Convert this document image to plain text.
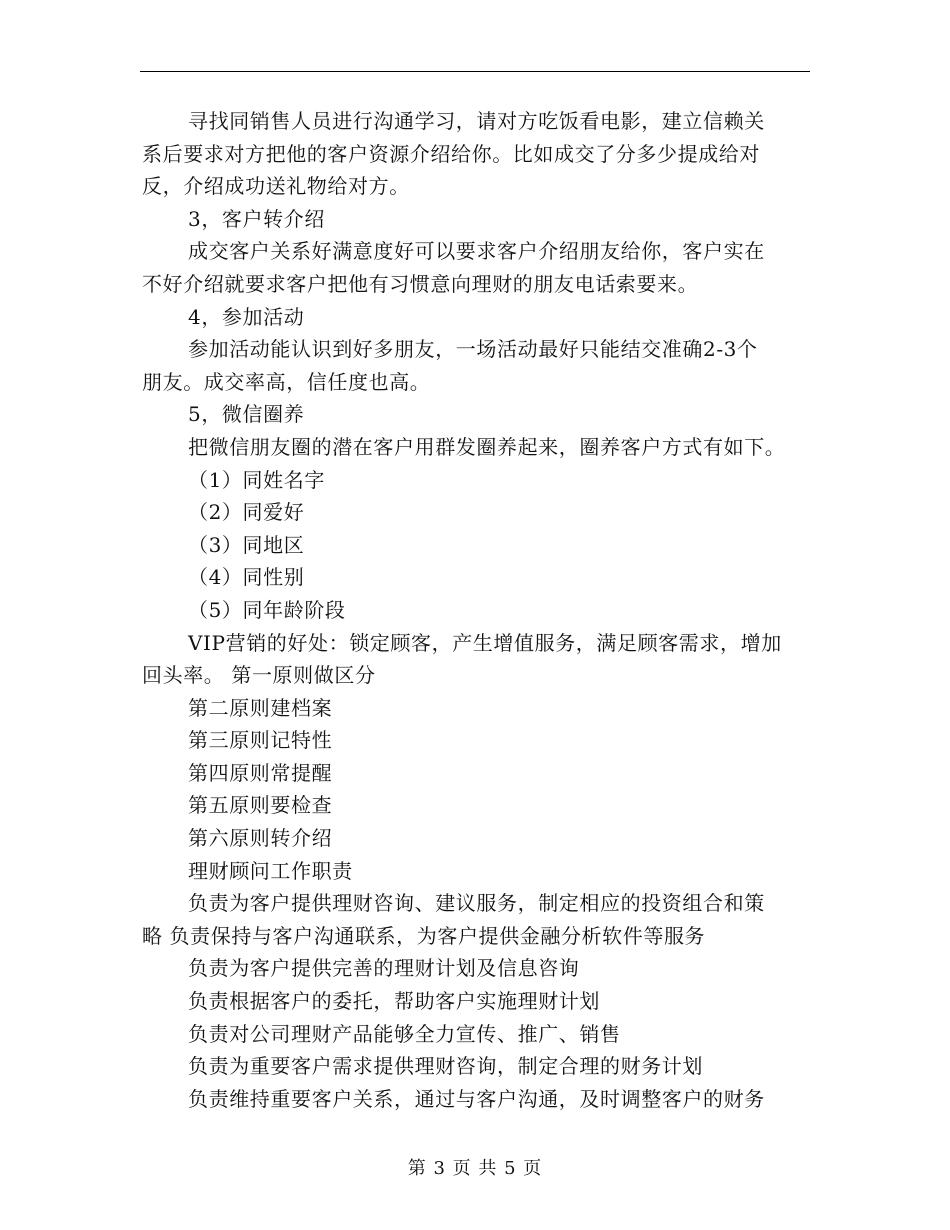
寻找同销售人员进行沟通学习，请对方吃饭看电影，建立信赖关
系后要求对方把他的客户资源介绍给你。比如成交了分多少提成给对
反，介绍成功送礼物给对方。
3，客户转介绍
成交客户关系好满意度好可以要求客户介绍朋友给你，客户实在
不好介绍就要求客户把他有习惯意向理财的朋友电话索要来。
4，参加活动
参加活动能认识到好多朋友，一场活动最好只能结交准确2-3个
朋友。成交率高，信任度也高。
5，微信圈养
把微信朋友圈的潜在客户用群发圈养起来，圈养客户方式有如下。
（1）同姓名字
（2）同爱好
（3）同地区
（4）同性别
（5）同年龄阶段
VIP营销的好处：锁定顾客，产生增值服务，满足顾客需求，增加
回头率。 第一原则做区分
第二原则建档案
第三原则记特性
第四原则常提醒
第五原则要检查
第六原则转介绍
理财顾问工作职责
负责为客户提供理财咨询、建议服务，制定相应的投资组合和策
略 负责保持与客户沟通联系，为客户提供金融分析软件等服务
负责为客户提供完善的理财计划及信息咨询
负责根据客户的委托，帮助客户实施理财计划
负责对公司理财产品能够全力宣传、推广、销售
负责为重要客户需求提供理财咨询，制定合理的财务计划
负责维持重要客户关系，通过与客户沟通，及时调整客户的财务
第 3 页 共 5 页
